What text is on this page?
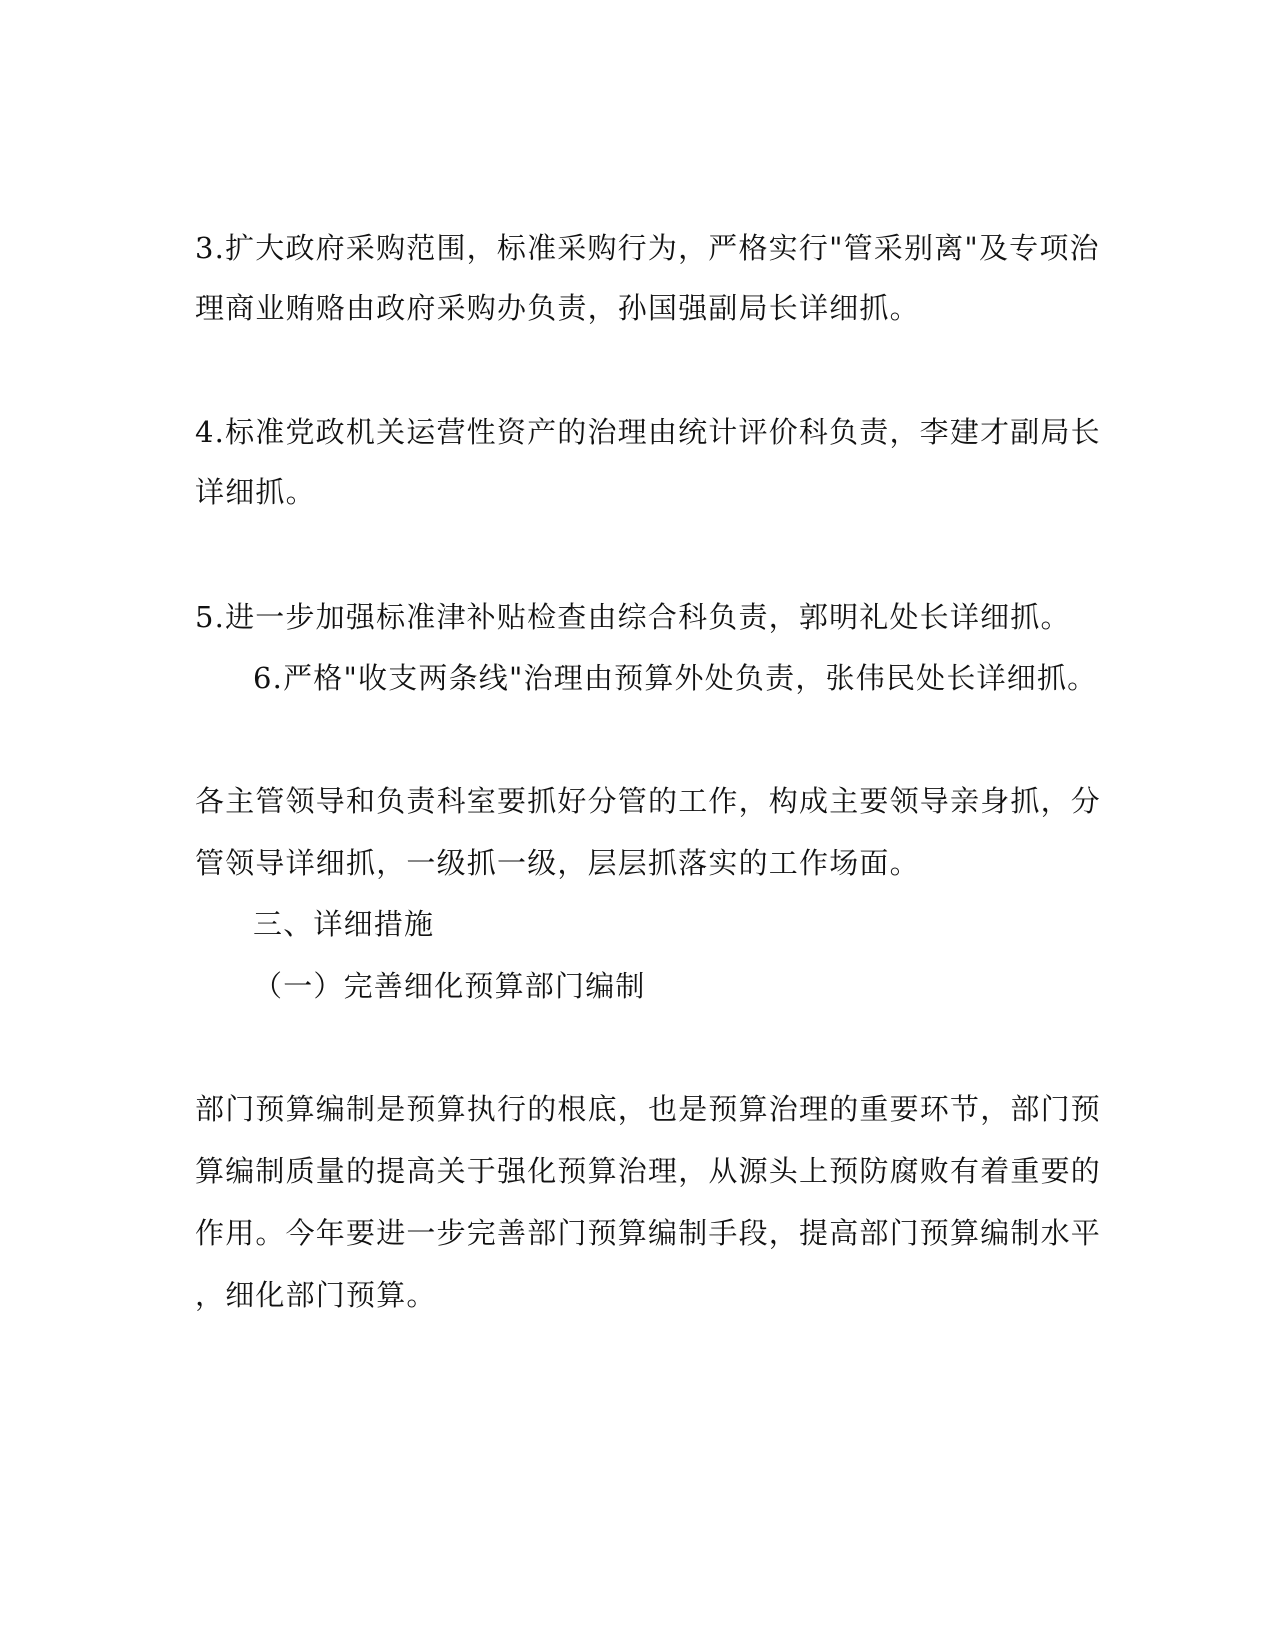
3.扩大政府采购范围，标准采购行为，严格实行"管采别离"及专项治
理商业贿赂由政府采购办负责，孙国强副局长详细抓。
4.标准党政机关运营性资产的治理由统计评价科负责，李建才副局长
详细抓。
5.进一步加强标准津补贴检查由综合科负责，郭明礼处长详细抓。
6.严格"收支两条线"治理由预算外处负责，张伟民处长详细抓。
各主管领导和负责科室要抓好分管的工作，构成主要领导亲身抓，分
管领导详细抓，一级抓一级，层层抓落实的工作场面。
三、详细措施
（一）完善细化预算部门编制
部门预算编制是预算执行的根底，也是预算治理的重要环节，部门预
算编制质量的提高关于强化预算治理，从源头上预防腐败有着重要的
作用。今年要进一步完善部门预算编制手段，提高部门预算编制水平
，细化部门预算。
